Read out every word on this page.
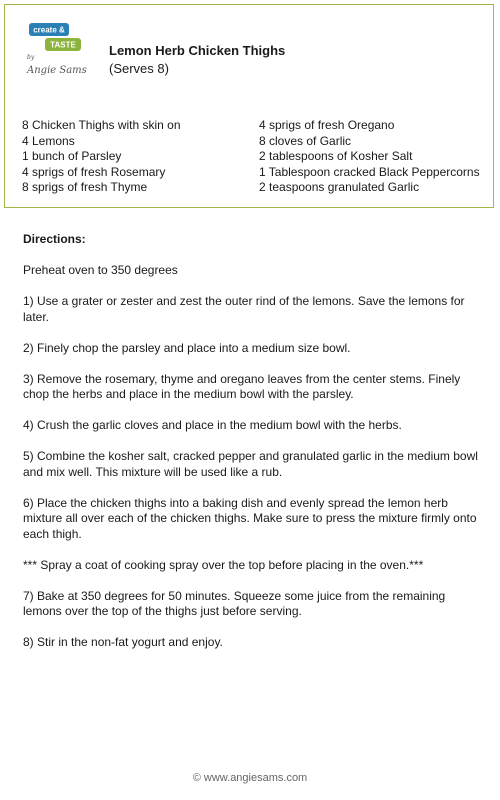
create &
TASTE
by
Angie Sams

Lemon Herb Chicken Thighs

(Serves 8)

8 Chicken Thighs with skin on
4 Lemons
1 bunch of Parsley
4 sprigs of fresh Rosemary
8 sprigs of fresh Thyme
4 sprigs of fresh Oregano
8 cloves of Garlic
2 tablespoons of Kosher Salt
1 Tablespoon cracked Black Peppercorns
2 teaspoons granulated Garlic

Directions:

Preheat oven to 350 degrees

1) Use a grater or zester and zest the outer rind of the lemons. Save the lemons for later.

2) Finely chop the parsley and place into a medium size bowl.

3) Remove the rosemary, thyme and oregano leaves from the center stems. Finely chop the herbs and place in the medium bowl with the parsley.

4) Crush the garlic cloves and place in the medium bowl with the herbs.

5) Combine the kosher salt, cracked pepper and granulated garlic in the medium bowl and mix well. This mixture will be used like a rub.

6) Place the chicken thighs into a baking dish and evenly spread the lemon herb mixture all over each of the chicken thighs. Make sure to press the mixture firmly onto each thigh.

*** Spray a coat of cooking spray over the top before placing in the oven.***

7) Bake at 350 degrees for 50 minutes. Squeeze some juice from the remaining lemons over the top of the thighs just before serving.

8) Stir in the non-fat yogurt and enjoy.

© www.angiesams.com
